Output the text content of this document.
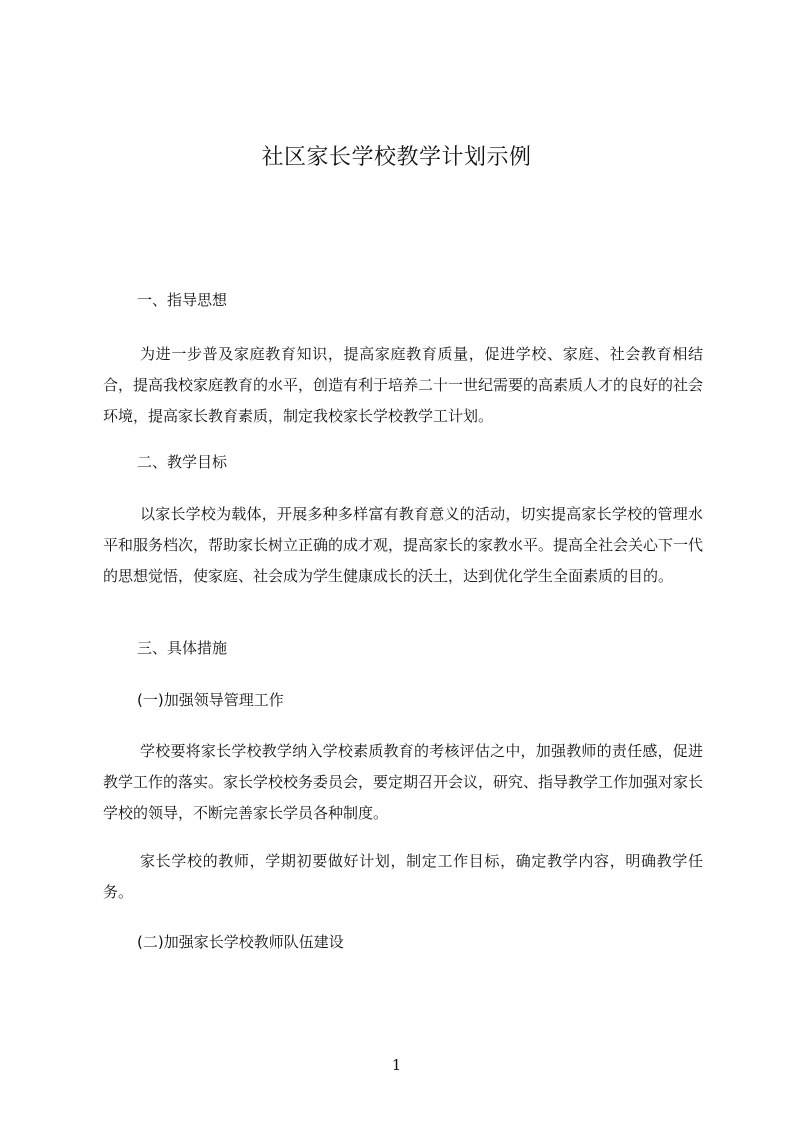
社区家长学校教学计划示例
一、指导思想

为进一步普及家庭教育知识，提高家庭教育质量，促进学校、家庭、社会教育相结合，提高我校家庭教育的水平，创造有利于培养二十一世纪需要的高素质人才的良好的社会环境，提高家长教育素质，制定我校家长学校教学工计划。

二、教学目标

以家长学校为载体，开展多种多样富有教育意义的活动，切实提高家长学校的管理水平和服务档次，帮助家长树立正确的成才观，提高家长的家教水平。提高全社会关心下一代的思想觉悟，使家庭、社会成为学生健康成长的沃土，达到优化学生全面素质的目的。

三、具体措施
(一)加强领导管理工作

学校要将家长学校教学纳入学校素质教育的考核评估之中，加强教师的责任感，促进教学工作的落实。家长学校校务委员会，要定期召开会议，研究、指导教学工作加强对家长学校的领导，不断完善家长学员各种制度。

家长学校的教师，学期初要做好计划，制定工作目标，确定教学内容，明确教学任务。

(二)加强家长学校教师队伍建设
1
